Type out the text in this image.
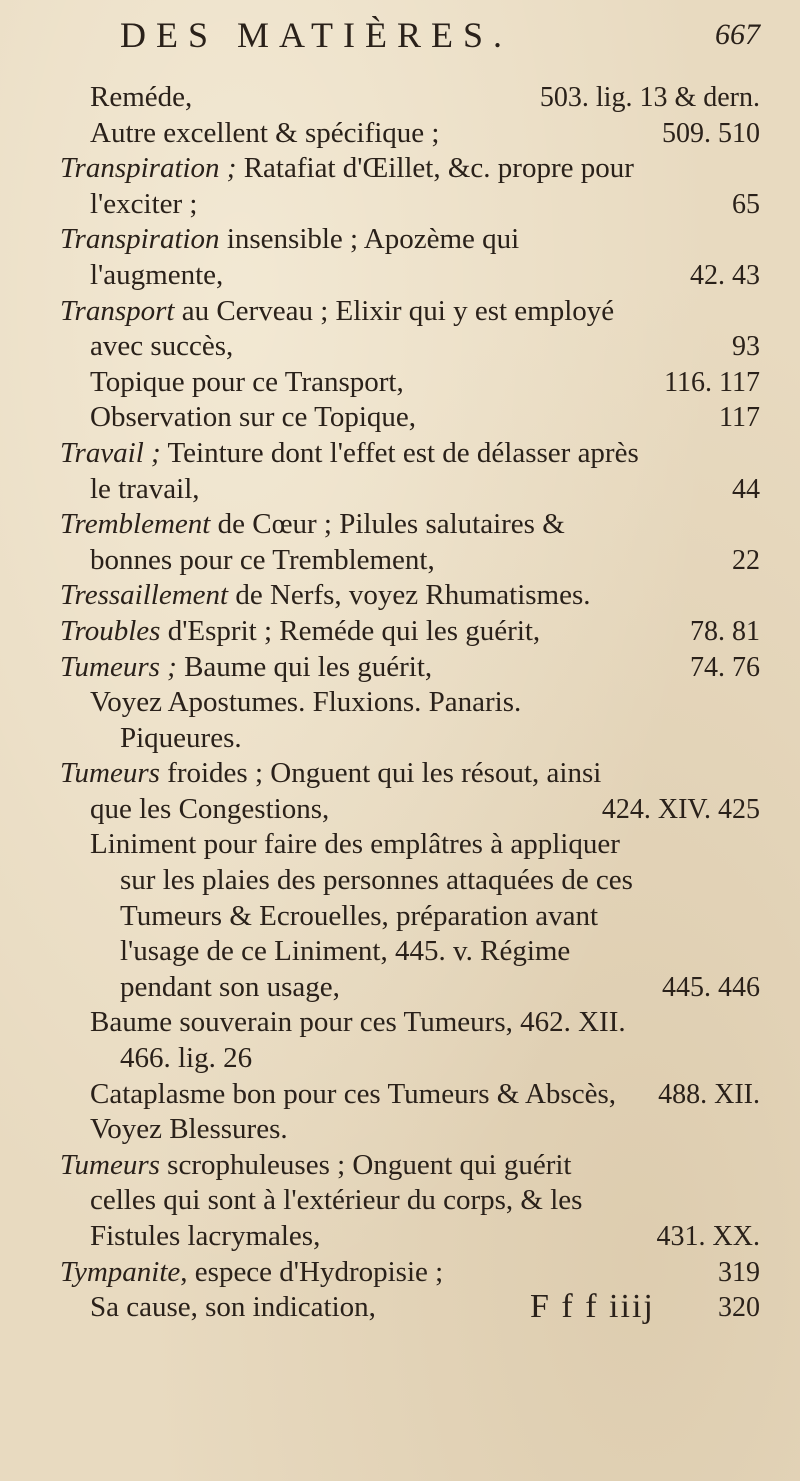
DES MATIÈRES.	667
Reméde,	503. lig. 13 & dern.
Autre excellent & spécifique ;	509. 510
Transpiration ; Ratafiat d'Œillet, &c. propre pour l'exciter ;	65
Transpiration insensible ; Apozème qui l'augmente,	42. 43
Transport au Cerveau ; Elixir qui y est employé avec succès,	93
Topique pour ce Transport,	116. 117
Observation sur ce Topique,	117
Travail ; Teinture dont l'effet est de délasser après le travail,	44
Tremblement de Cœur ; Pilules salutaires & bonnes pour ce Tremblement,	22
Tressaillement de Nerfs, voyez Rhumatismes.
Troubles d'Esprit ; Reméde qui les guérit,	78. 81
Tumeurs ; Baume qui les guérit,	74. 76
Voyez Apostumes. Fluxions. Panaris. Piqueures.
Tumeurs froides ; Onguent qui les résout, ainsi que les Congestions,	424. XIV. 425
Liniment pour faire des emplâtres à appliquer sur les plaies des personnes attaquées de ces Tumeurs & Ecrouelles, préparation avant l'usage de ce Liniment, 445. v. Régime pendant son usage,	445. 446
Baume souverain pour ces Tumeurs, 462. XII. 466. lig. 26
Cataplasme bon pour ces Tumeurs & Abscès, 488. XII.
Voyez Blessures.
Tumeurs scrophuleuses ; Onguent qui guérit celles qui sont à l'extérieur du corps, & les Fistules lacrymales,	431. XX.
Tympanite, espece d'Hydropisie ;	319
Sa cause, son indication,	320
F f f iiij
